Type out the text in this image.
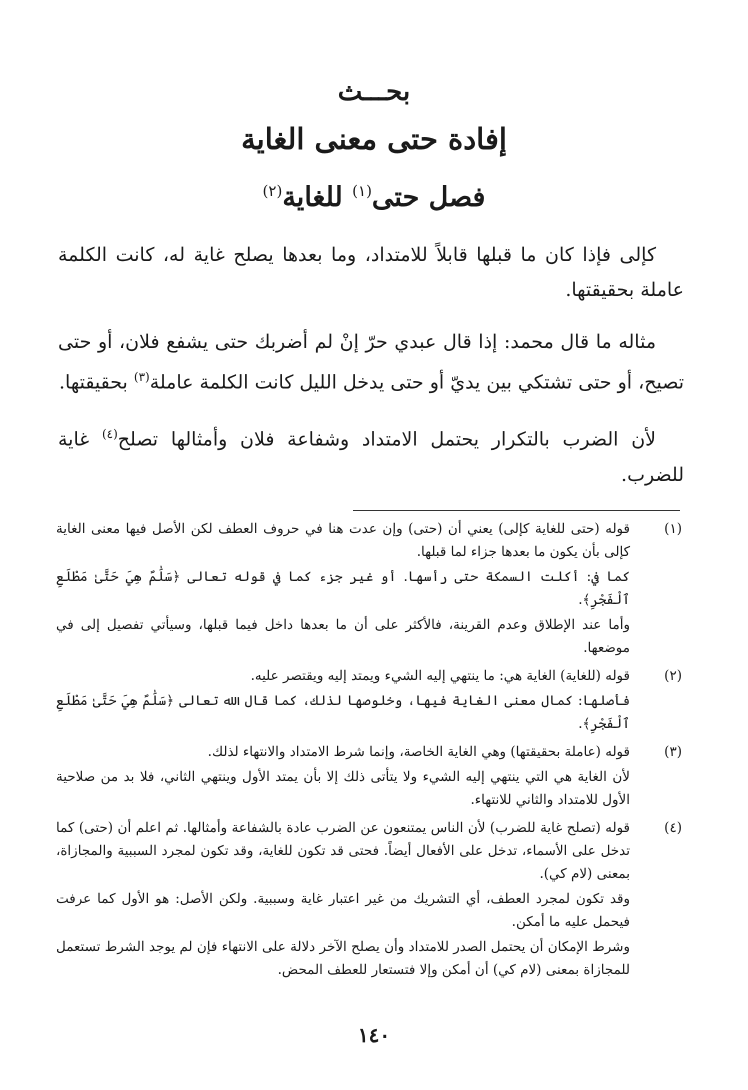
بحـــث
إفادة حتى معنى الغاية
فصل حتى$^{(١)}$ للغاية$^{(٢)}$

كإلى فإذا كان ما قبلها قابلاً للامتداد، وما بعدها يصلح غاية له، كانت الكلمة عاملة بحقيقتها.

مثاله ما قال محمد: إذا قال عبدي حرّ إنْ لم أضربك حتى يشفع فلان، أو حتى تصيح، أو حتى تشتكي بين يديّ أو حتى يدخل الليل كانت الكلمة عاملة$^{(٣)}$ بحقيقتها.

لأن الضرب بالتكرار يحتمل الامتداد وشفاعة فلان وأمثالها تصلح$^{(٤)}$ غاية للضرب.

(١)

قوله (حتى للغاية كإلى) يعني أن (حتى) وإن عدت هنا في حروف العطف لكن الأصل فيها معنى الغاية كإلى بأن يكون ما بعدها جزاء لما قبلها.

كما في: أكلت السمكة حتى رأسها. أو غير جزء كما في قوله تعالى ﴿سَلَٰمٌ هِيَ حَتَّىٰ مَطْلَعِ ٱلْفَجْرِ﴾.

وأما عند الإطلاق وعدم القرينة، فالأكثر على أن ما بعدها داخل فيما قبلها، وسيأتي تفصيل إلى في موضعها.

(٢)

قوله (للغاية) الغاية هي: ما ينتهي إليه الشيء ويمتد إليه ويقتصر عليه.

فأصلها: كمال معنى الغاية فيها، وخلوصها لذلك، كما قال الله تعالى ﴿سَلَٰمٌ هِيَ حَتَّىٰ مَطْلَعِ ٱلْفَجْرِ﴾.

(٣)

قوله (عاملة بحقيقتها) وهي الغاية الخاصة، وإنما شرط الامتداد والانتهاء لذلك.

لأن الغاية هي التي ينتهي إليه الشيء ولا يتأتى ذلك إلا بأن يمتد الأول وينتهي الثاني، فلا بد من صلاحية الأول للامتداد والثاني للانتهاء.

(٤)

قوله (تصلح غاية للضرب) لأن الناس يمتنعون عن الضرب عادة بالشفاعة وأمثالها. ثم اعلم أن (حتى) كما تدخل على الأسماء، تدخل على الأفعال أيضاً. فحتى قد تكون للغاية، وقد تكون لمجرد السببية والمجازاة، بمعنى (لام كي).

وقد تكون لمجرد العطف، أي التشريك من غير اعتبار غاية وسببية. ولكن الأصل: هو الأول كما عرفت فيحمل عليه ما أمكن.

وشرط الإمكان أن يحتمل الصدر للامتداد وأن يصلح الآخر دلالة على الانتهاء فإن لم يوجد الشرط تستعمل للمجازاة بمعنى (لام كي) أن أمكن وإلا فتستعار للعطف المحض.

١٤٠
